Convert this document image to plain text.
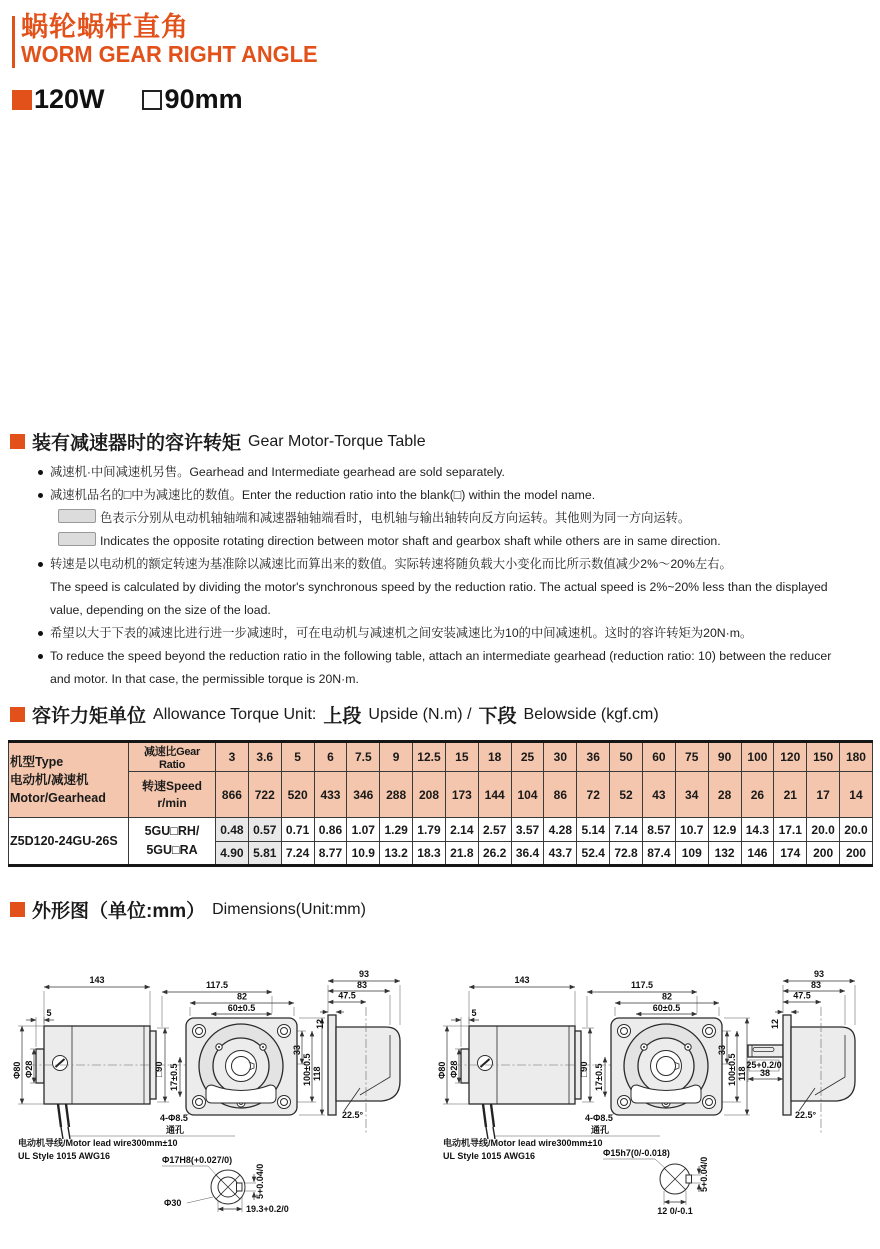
蜗轮蜗杆直角
WORM GEAR RIGHT ANGLE
120W 90mm
装有减速器时的容许转矩 Gear Motor-Torque Table
减速机·中间减速机另售。Gearhead and Intermediate gearhead are sold separately.
减速机品名的□中为减速比的数值。Enter the reduction ratio into the blank(□) within the model name.
色表示分别从电动机轴轴端和减速器轴轴端看时，电机轴与输出轴转向反方向运转。其他则为同一方向运转。
Indicates the opposite rotating direction between motor shaft and gearbox shaft while others are in same direction.
转速是以电动机的额定转速为基准除以减速比而算出来的数值。实际转速将随负载大小变化而比所示数值减少2%～20%左右。
The speed is calculated by dividing the motor's synchronous speed by the reduction ratio. The actual speed is 2%~20% less than the displayed value, depending on the size of the load.
希望以大于下表的减速比进行进一步减速时，可在电动机与减速机之间安装减速比为10的中间减速机。这时的容许转矩为20N·m。
To reduce the speed beyond the reduction ratio in the following table, attach an intermediate gearhead (reduction ratio: 10) between the reducer and motor. In that case, the permissible torque is 20N·m.
容许力矩单位 Allowance Torque Unit: 上段 Upside (N.m) / 下段 Belowside (kgf.cm)
机型Type
电动机/减速机
Motor/Gearhead	减速比Gear Ratio	3	3.6	5	6	7.5	9	12.5	15	18	25	30	36	50	60	75	90	100	120	150	180

	转速Speed
r/min	866	722	520	433	346	288	208	173	144	104	86	72	52	43	34	28	26	21	17	14
Z5D120-24GU-26S	5GU□RH/
5GU□RA	0.48	0.57	0.71	0.86	1.07	1.29	1.79	2.14	2.57	3.57	4.28	5.14	7.14	8.57	10.7	12.9	14.3	17.1	20.0	20.0
		4.90	5.81	7.24	8.77	10.9	13.2	18.3	21.8	26.2	36.4	43.7	52.4	72.8	87.4	109	132	146	174	200	200
外形图（单位:mm） Dimensions(Unit:mm)
143	117.5
82
60±0.5
5
Φ80 Φ28	□90 17±0.5
33
100±0.5 118
4-Φ8.5
通孔
93
83
47.5
12
22.5°
Φ17H8(+0.027/0)
Φ30
5+0.04/0
19.3+0.2/0
电动机导线/Motor lead wire300mm±10
UL Style 1015 AWG16
143	117.5
82
60±0.5
5
Φ80 Φ28	□90 17±0.5
33
100±0.5 118
4-Φ8.5
通孔
93
83
47.5
12
22.5°
25+0.2/0
38
Φ15h7(0/-0.018)
5+0.04/0
12 0/-0.1
电动机导线/Motor lead wire300mm±10
UL Style 1015 AWG16
